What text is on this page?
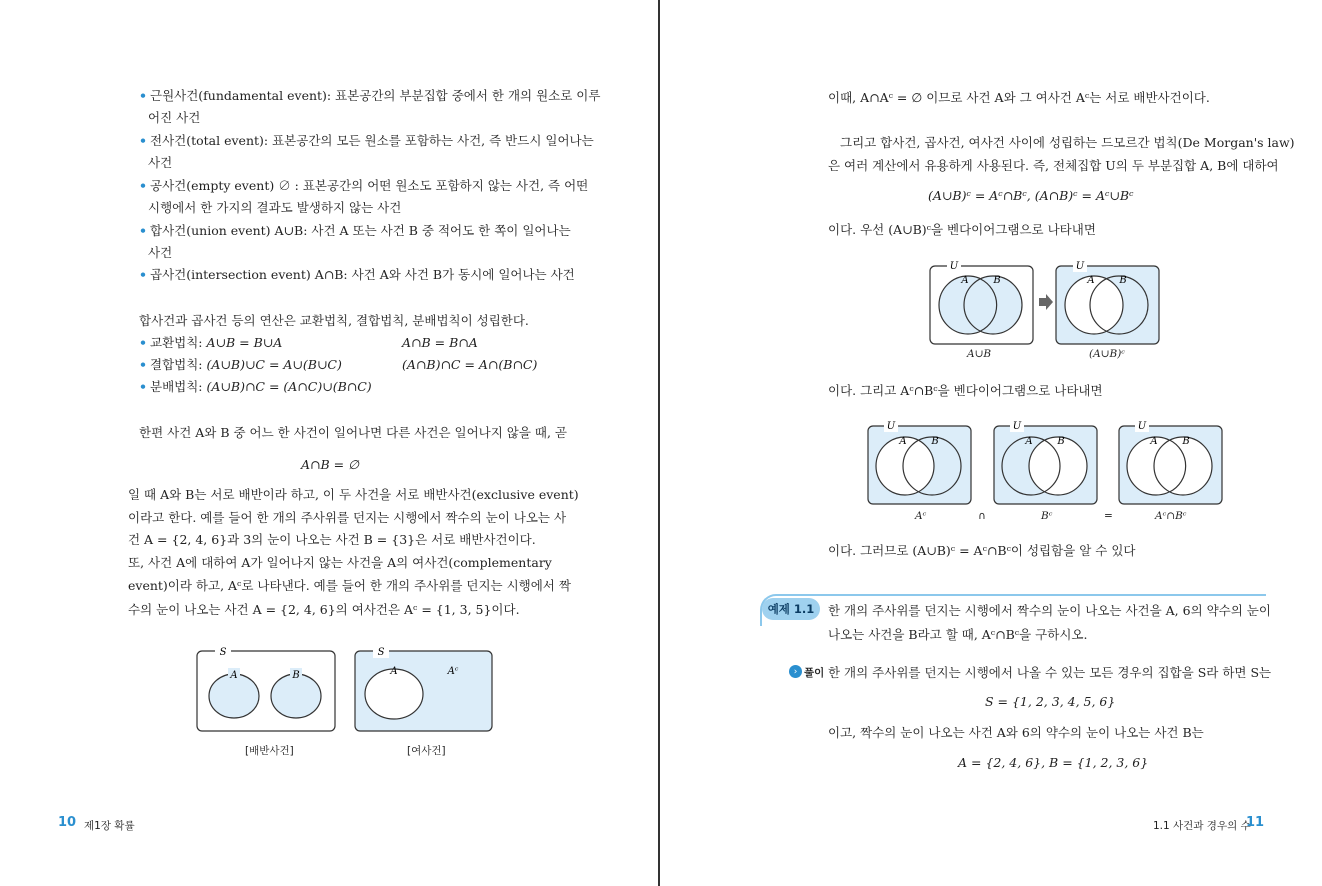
• 근원사건(fundamental event): 표본공간의 부분집합 중에서 한 개의 원소로 이루
어진 사건
• 전사건(total event): 표본공간의 모든 원소를 포함하는 사건, 즉 반드시 일어나는
사건
• 공사건(empty event) ∅ : 표본공간의 어떤 원소도 포함하지 않는 사건, 즉 어떤
시행에서 한 가지의 결과도 발생하지 않는 사건
• 합사건(union event) A∪B: 사건 A 또는 사건 B 중 적어도 한 쪽이 일어나는
사건
• 곱사건(intersection event) A∩B: 사건 A와 사건 B가 동시에 일어나는 사건
합사건과 곱사건 등의 연산은 교환법칙, 결합법칙, 분배법칙이 성립한다.
• 교환법칙: A∪B = B∪A	A∩B = B∩A
• 결합법칙: (A∪B)∪C = A∪(B∪C)	(A∩B)∩C = A∩(B∩C)
• 분배법칙: (A∪B)∩C = (A∩C)∪(B∩C)
한편 사건 A와 B 중 어느 한 사건이 일어나면 다른 사건은 일어나지 않을 때, 곧
A∩B = ∅
일 때 A와 B는 서로 배반이라 하고, 이 두 사건을 서로 배반사건(exclusive event)
이라고 한다. 예를 들어 한 개의 주사위를 던지는 시행에서 짝수의 눈이 나오는 사
건 A = {2, 4, 6}과 3의 눈이 나오는 사건 B = {3}은 서로 배반사건이다.
또, 사건 A에 대하여 A가 일어나지 않는 사건을 A의 여사건(complementary
event)이라 하고, Aᶜ로 나타낸다. 예를 들어 한 개의 주사위를 던지는 시행에서 짝
수의 눈이 나오는 사건 A = {2, 4, 6}의 여사건은 Aᶜ = {1, 3, 5}이다.
S
A	B
S
A	Aᶜ
[배반사건]	[여사건]
10 제1장 확률
이때, A∩Aᶜ = ∅ 이므로 사건 A와 그 여사건 Aᶜ는 서로 배반사건이다.
그리고 합사건, 곱사건, 여사건 사이에 성립하는 드모르간 법칙(De Morgan's law)
은 여러 계산에서 유용하게 사용된다. 즉, 전체집합 U의 두 부분집합 A, B에 대하여
(A∪B)ᶜ = Aᶜ∩Bᶜ, (A∩B)ᶜ = Aᶜ∪Bᶜ
이다. 우선 (A∪B)ᶜ을 벤다이어그램으로 나타내면
U
A B
U
A B
A∪B	(A∪B)ᶜ
이다. 그리고 Aᶜ∩Bᶜ을 벤다이어그램으로 나타내면
U
A B
U
A B
U
A B
Aᶜ	∩	Bᶜ	=	Aᶜ∩Bᶜ
이다. 그러므로 (A∪B)ᶜ = Aᶜ∩Bᶜ이 성립함을 알 수 있다
예제 1.1	한 개의 주사위를 던지는 시행에서 짝수의 눈이 나오는 사건을 A, 6의 약수의 눈이
나오는 사건을 B라고 할 때, Aᶜ∩Bᶜ을 구하시오.
› 풀이 한 개의 주사위를 던지는 시행에서 나올 수 있는 모든 경우의 집합을 S라 하면 S는
S = {1, 2, 3, 4, 5, 6}
이고, 짝수의 눈이 나오는 사건 A와 6의 약수의 눈이 나오는 사건 B는
A = {2, 4, 6}, B = {1, 2, 3, 6}
1.1 사건과 경우의 수
11
